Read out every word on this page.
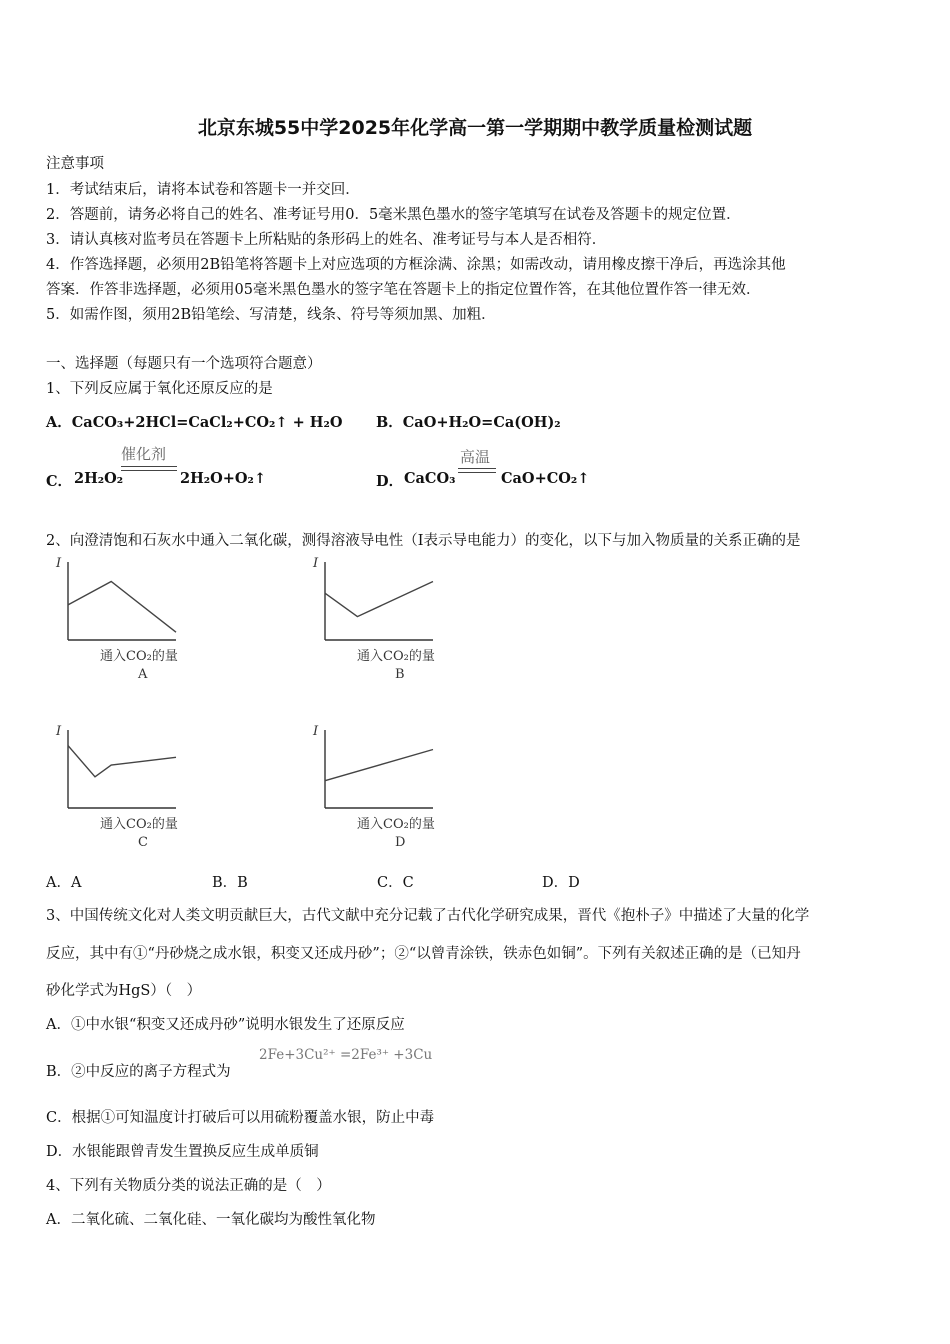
北京东城55中学2025年化学高一第一学期期中教学质量检测试题
注意事项
1．考试结束后，请将本试卷和答题卡一并交回．
2．答题前，请务必将自己的姓名、准考证号用0．5毫米黑色墨水的签字笔填写在试卷及答题卡的规定位置．
3．请认真核对监考员在答题卡上所粘贴的条形码上的姓名、准考证号与本人是否相符．
4．作答选择题，必须用2B铅笔将答题卡上对应选项的方框涂满、涂黑；如需改动，请用橡皮擦干净后，再选涂其他
答案．作答非选择题，必须用05毫米黑色墨水的签字笔在答题卡上的指定位置作答，在其他位置作答一律无效．
5．如需作图，须用2B铅笔绘、写清楚，线条、符号等须加黑、加粗．
一、选择题（每题只有一个选项符合题意）
1、下列反应属于氧化还原反应的是
A．CaCO₃+2HCl=CaCl₂+CO₂↑ + H₂O B．CaO+H₂O=Ca(OH)₂
C． 2H₂O₂
催化剂
2H₂O+O₂↑	D． CaCO₃
高温
CaO+CO₂↑
2、向澄清饱和石灰水中通入二氧化碳，测得溶液导电性（I表示导电能力）的变化，以下与加入物质量的关系正确的是
I
通入CO₂的量
A
I
通入CO₂的量
B
I
通入CO₂的量
C
I
通入CO₂的量
D
A．A	B．B	C．C	D．D
3、中国传统文化对人类文明贡献巨大，古代文献中充分记载了古代化学研究成果，晋代《抱朴子》中描述了大量的化学
反应，其中有①“丹砂烧之成水银，积变又还成丹砂”；②“以曾青涂铁，铁赤色如铜”。下列有关叙述正确的是（已知丹
砂化学式为HgS）（　）
A．①中水银“积变又还成丹砂”说明水银发生了还原反应
B．②中反应的离子方程式为
2Fe+3Cu²⁺ =2Fe³⁺ +3Cu
C．根据①可知温度计打破后可以用硫粉覆盖水银，防止中毒
D．水银能跟曾青发生置换反应生成单质铜
4、下列有关物质分类的说法正确的是（　）
A．二氧化硫、二氧化硅、一氧化碳均为酸性氧化物
